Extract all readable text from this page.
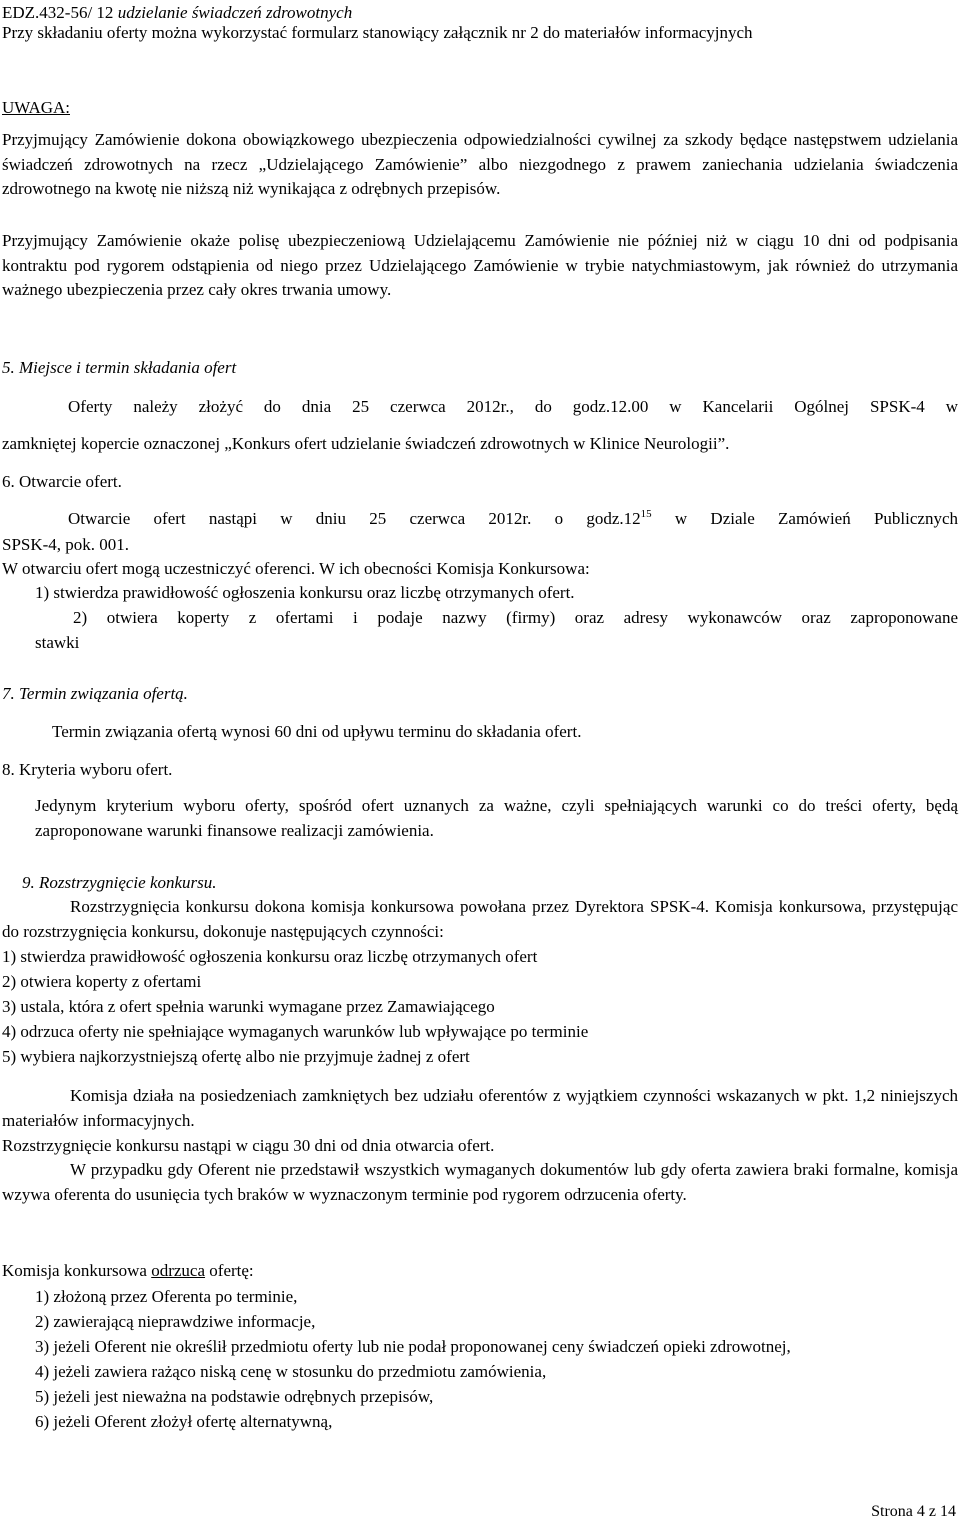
EDZ.432-56/ 12 udzielanie świadczeń zdrowotnych

Przy składaniu oferty można wykorzystać formularz stanowiący załącznik nr 2 do materiałów informacyjnych

UWAGA:

Przyjmujący Zamówienie dokona obowiązkowego ubezpieczenia odpowiedzialności cywilnej za szkody będące następstwem udzielania świadczeń zdrowotnych na rzecz „Udzielającego Zamówienie” albo niezgodnego z prawem zaniechania udzielania świadczenia zdrowotnego na kwotę nie niższą niż wynikająca z odrębnych przepisów.

Przyjmujący Zamówienie okaże polisę ubezpieczeniową Udzielającemu Zamówienie nie później niż w ciągu 10 dni od podpisania kontraktu pod rygorem odstąpienia od niego przez Udzielającego Zamówienie w trybie natychmiastowym, jak również do utrzymania ważnego ubezpieczenia przez cały okres trwania umowy.

5. Miejsce i termin składania ofert

Oferty należy złożyć do dnia 25 czerwca 2012r., do godz.12.00 w Kancelarii Ogólnej SPSK-4 w

zamkniętej kopercie oznaczonej „Konkurs ofert udzielanie świadczeń zdrowotnych w Klinice Neurologii”.

6. Otwarcie ofert.

Otwarcie ofert nastąpi w dniu 25 czerwca 2012r. o $godz.12^{15}$ w Dziale Zamówień Publicznych

SPSK-4, pok. 001.

W otwarciu ofert mogą uczestniczyć oferenci. W ich obecności Komisja Konkursowa:

1) stwierdza prawidłowość ogłoszenia konkursu oraz liczbę otrzymanych ofert.

2) otwiera koperty z ofertami i podaje nazwy (firmy) oraz adresy wykonawców oraz zaproponowane

stawki

7. Termin związania ofertą.

Termin związania ofertą wynosi 60 dni od upływu terminu do składania ofert.

8. Kryteria wyboru ofert.

Jedynym kryterium wyboru oferty, spośród ofert uznanych za ważne, czyli spełniających warunki co do treści oferty, będą zaproponowane warunki finansowe realizacji zamówienia.

9. Rozstrzygnięcie konkursu.

Rozstrzygnięcia konkursu dokona komisja konkursowa powołana przez Dyrektora SPSK-4. Komisja konkursowa, przystępując do rozstrzygnięcia konkursu, dokonuje następujących czynności:

1) stwierdza prawidłowość ogłoszenia konkursu oraz liczbę otrzymanych ofert

2) otwiera koperty z ofertami

3) ustala, która z ofert spełnia warunki wymagane przez Zamawiającego

4) odrzuca oferty nie spełniające wymaganych warunków lub wpływające po terminie

5) wybiera najkorzystniejszą ofertę albo nie przyjmuje żadnej z ofert

Komisja działa na posiedzeniach zamkniętych bez udziału oferentów z wyjątkiem czynności wskazanych w pkt. 1,2 niniejszych materiałów informacyjnych.

Rozstrzygnięcie konkursu nastąpi w ciągu 30 dni od dnia otwarcia ofert.

W przypadku gdy Oferent nie przedstawił wszystkich wymaganych dokumentów lub gdy oferta zawiera braki formalne, komisja wzywa oferenta do usunięcia tych braków w wyznaczonym terminie pod rygorem odrzucenia oferty.

Komisja konkursowa odrzuca ofertę:

1) złożoną przez Oferenta po terminie,

2) zawierającą nieprawdziwe informacje,

3) jeżeli Oferent nie określił przedmiotu oferty lub nie podał proponowanej ceny świadczeń opieki zdrowotnej,

4) jeżeli zawiera rażąco niską cenę w stosunku do przedmiotu zamówienia,

5) jeżeli jest nieważna na podstawie odrębnych przepisów,

6) jeżeli Oferent złożył ofertę alternatywną,

Strona 4 z 14
